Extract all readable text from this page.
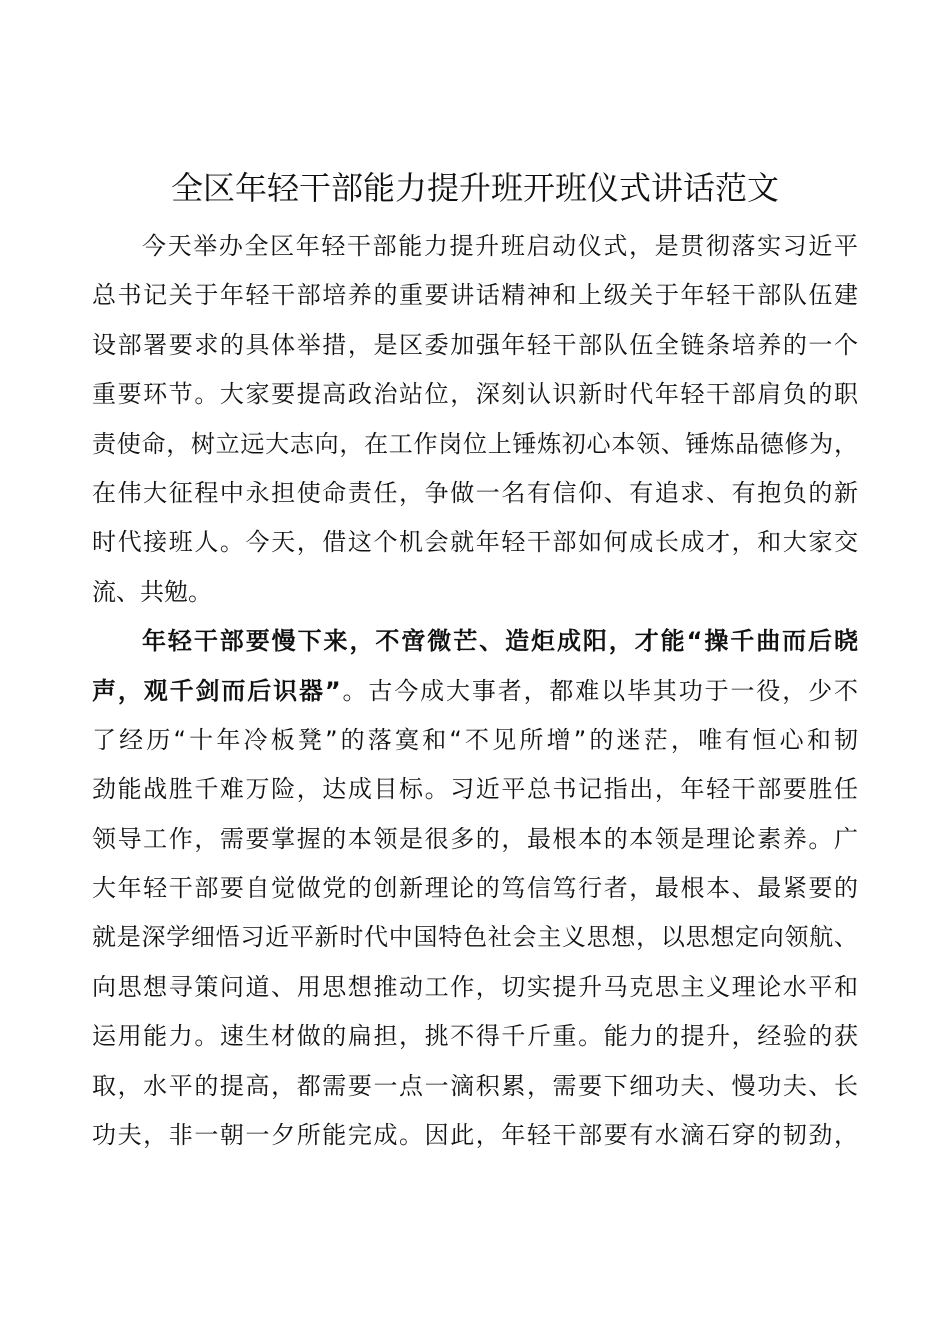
全区年轻干部能力提升班开班仪式讲话范文
今天举办全区年轻干部能力提升班启动仪式，是贯彻落实习近平
总书记关于年轻干部培养的重要讲话精神和上级关于年轻干部队伍建
设部署要求的具体举措，是区委加强年轻干部队伍全链条培养的一个
重要环节。大家要提高政治站位，深刻认识新时代年轻干部肩负的职
责使命，树立远大志向，在工作岗位上锤炼初心本领、锤炼品德修为，
在伟大征程中永担使命责任，争做一名有信仰、有追求、有抱负的新
时代接班人。今天，借这个机会就年轻干部如何成长成才，和大家交
流、共勉。
年轻干部要慢下来，不啻微芒、造炬成阳，才能“操千曲而后晓
声，观千剑而后识器”。古今成大事者，都难以毕其功于一役，少不
了经历“十年冷板凳”的落寞和“不见所增”的迷茫，唯有恒心和韧
劲能战胜千难万险，达成目标。习近平总书记指出，年轻干部要胜任
领导工作，需要掌握的本领是很多的，最根本的本领是理论素养。广
大年轻干部要自觉做党的创新理论的笃信笃行者，最根本、最紧要的
就是深学细悟习近平新时代中国特色社会主义思想，以思想定向领航、
向思想寻策问道、用思想推动工作，切实提升马克思主义理论水平和
运用能力。速生材做的扁担，挑不得千斤重。能力的提升，经验的获
取，水平的提高，都需要一点一滴积累，需要下细功夫、慢功夫、长
功夫，非一朝一夕所能完成。因此，年轻干部要有水滴石穿的韧劲，
